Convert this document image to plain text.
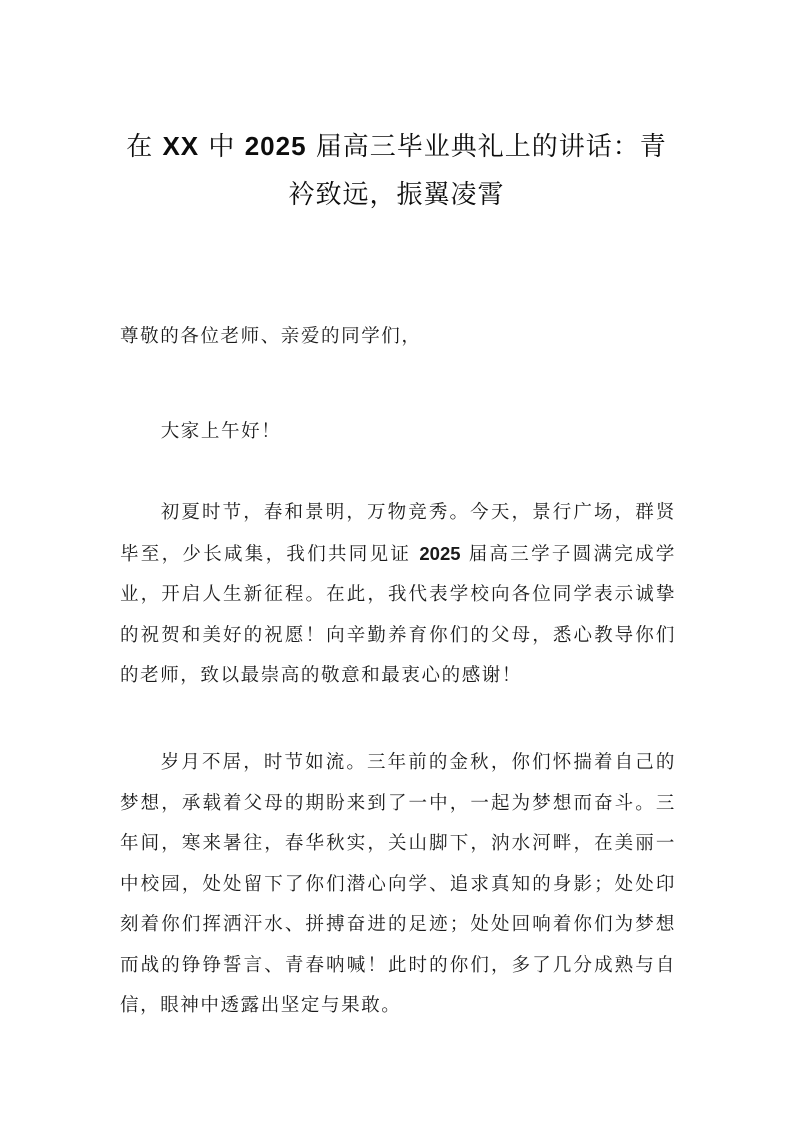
在 XX 中 2025 届高三毕业典礼上的讲话：青
衿致远，振翼凌霄

尊敬的各位老师、亲爱的同学们，

大家上午好！

初夏时节，春和景明，万物竞秀。今天，景行广场，群贤毕至，少长咸集，我们共同见证 2025 届高三学子圆满完成学业，开启人生新征程。在此，我代表学校向各位同学表示诚挚的祝贺和美好的祝愿！向辛勤养育你们的父母，悉心教导你们的老师，致以最崇高的敬意和最衷心的感谢！

岁月不居，时节如流。三年前的金秋，你们怀揣着自己的梦想，承载着父母的期盼来到了一中，一起为梦想而奋斗。三年间，寒来暑往，春华秋实，关山脚下，汭水河畔，在美丽一中校园，处处留下了你们潜心向学、追求真知的身影；处处印刻着你们挥洒汗水、拼搏奋进的足迹；处处回响着你们为梦想而战的铮铮誓言、青春呐喊！此时的你们，多了几分成熟与自信，眼神中透露出坚定与果敢。
